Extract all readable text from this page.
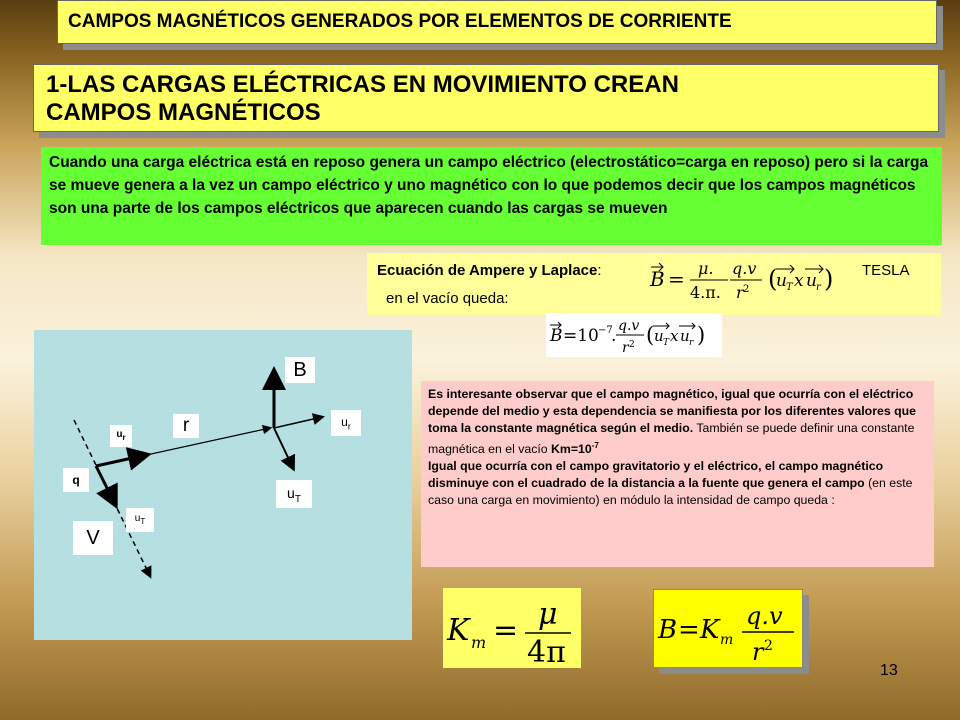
CAMPOS MAGNÉTICOS GENERADOS POR ELEMENTOS DE CORRIENTE
1-LAS CARGAS ELÉCTRICAS EN MOVIMIENTO CREAN
CAMPOS MAGNÉTICOS
Cuando una carga eléctrica está en reposo genera un campo eléctrico (electrostático=carga en reposo) pero si la carga se mueve genera a la vez un campo eléctrico y uno magnético con lo que podemos decir que los campos magnéticos son una parte de los campos eléctricos que aparecen cuando las cargas se mueven
Ecuación de Ampere y Laplace:	TESLA
en el vacío queda:
B = μ.
4.π.
q.v
r 2 (
u T x u r )
B =10 −7
. q.v
r 2 ( u T x u r )
B
r
$u_r$
$u_r$
$u_T$
q
$u_T$
V
Es interesante observar que el campo magnético, igual que ocurría con el eléctrico depende del medio y esta dependencia se manifiesta por los diferentes valores que toma la constante magnética según el medio. También se puede definir una constante magnética en el vacío $Km=10^{-7}$
Igual que ocurría con el campo gravitatorio y el eléctrico, el campo magnético disminuye con el cuadrado de la distancia a la fuente que genera el campo (en este caso una carga en movimiento) en módulo la intensidad de campo queda :
K m = μ
4π
B = K m
q.v
r 2
13
